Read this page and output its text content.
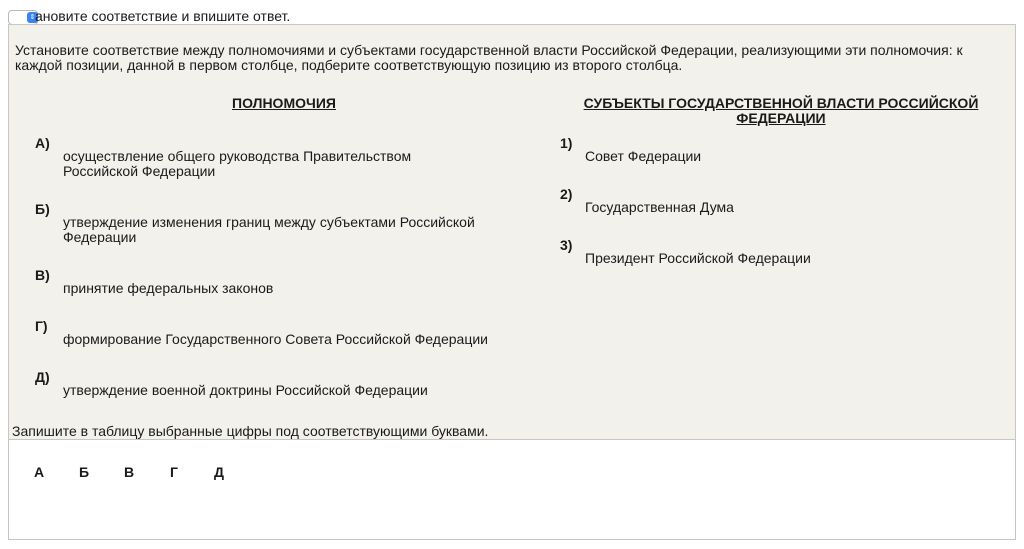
⇕ ановите соответствие и впишите ответ.
Установите соответствие между полномочиями и субъектами государственной власти Российской Федерации, реализующими эти полномочия: к каждой позиции, данной в первом столбце, подберите соответствующую позицию из второго столбца.
ПОЛНОМОЧИЯ	СУБЪЕКТЫ ГОСУДАРСТВЕННОЙ ВЛАСТИ РОССИЙСКОЙ ФЕДЕРАЦИИ
А)
осуществление общего руководства Правительством Российской Федерации
Б)
утверждение изменения границ между субъектами Российской Федерации
В)
принятие федеральных законов
Г)
формирование Государственного Совета Российской Федерации
Д)
утверждение военной доктрины Российской Федерации
1)
Совет Федерации
2)
Государственная Дума
3)
Президент Российской Федерации
Запишите в таблицу выбранные цифры под соответствующими буквами.
А Б В	Г	Д
